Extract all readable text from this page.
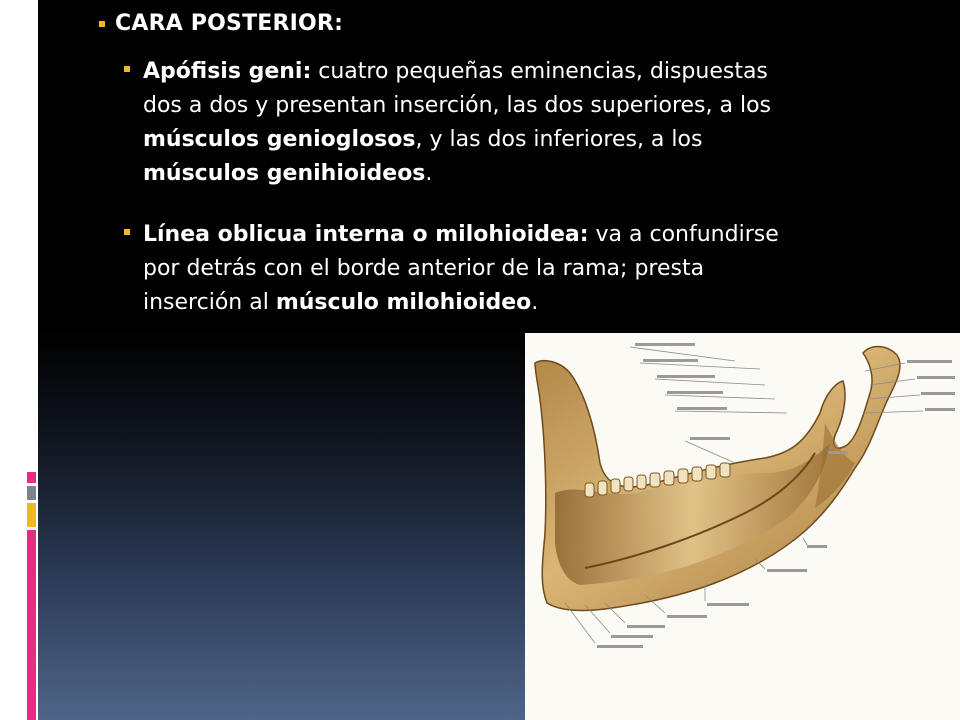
CARA POSTERIOR:
Apófisis geni: cuatro pequeñas eminencias, dispuestas
dos a dos y presentan inserción, las dos superiores, a los
músculos genioglosos, y las dos inferiores, a los
músculos genihioideos.
Línea oblicua interna o milohioidea: va a confundirse
por detrás con el borde anterior de la rama; presta
inserción al músculo milohioideo.
